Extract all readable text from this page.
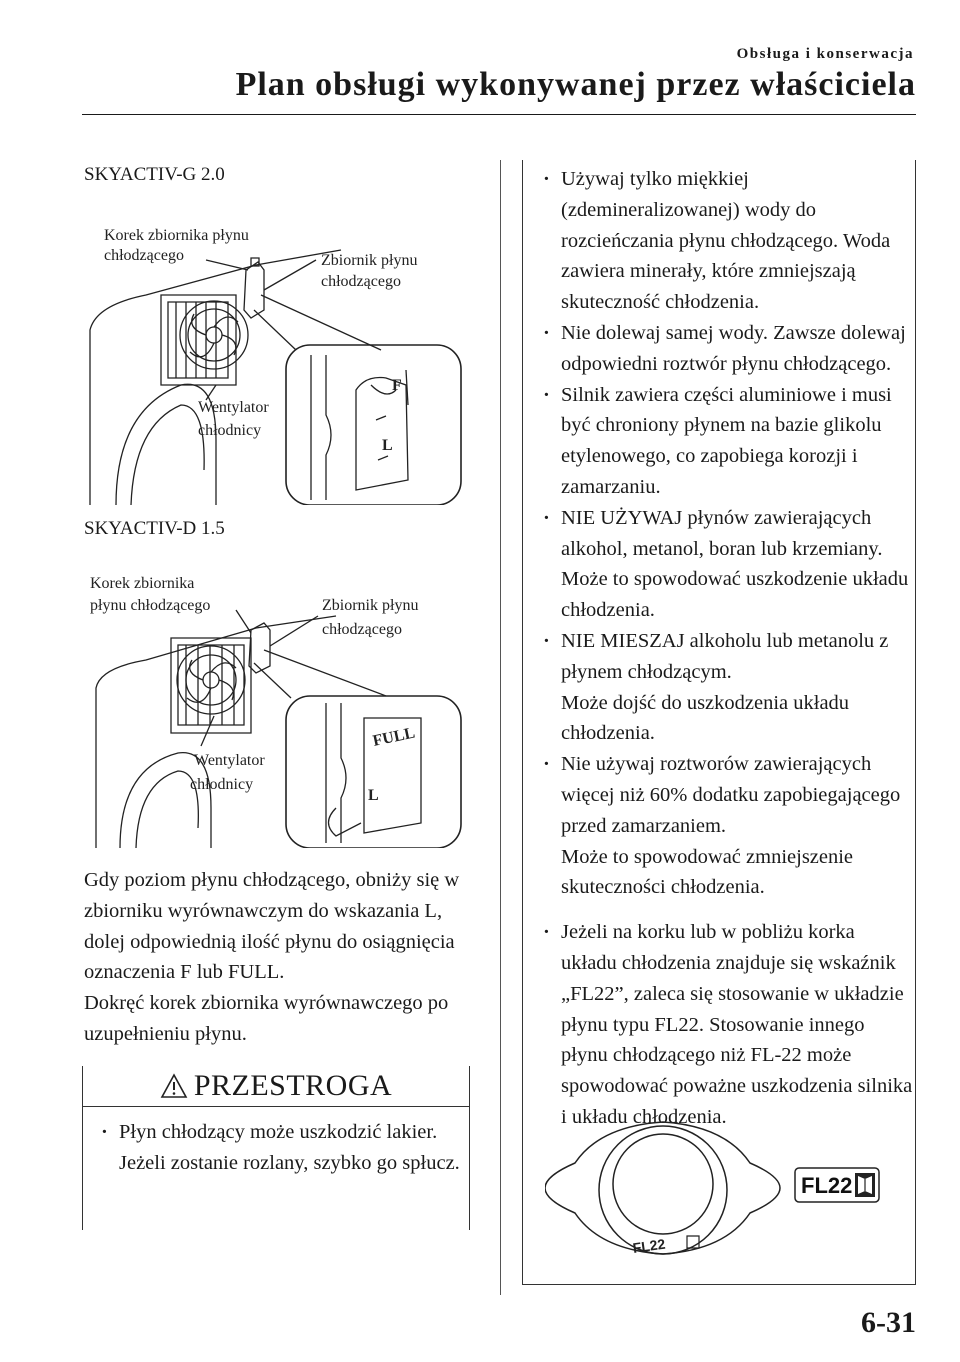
Obsługa i konserwacja
Plan obsługi wykonywanej przez właściciela
SKYACTIV-G 2.0
Korek zbiornika płynu
chłodzącego	Zbiornik płynu
chłodzącego
Wentylator
chłodnicy
F
L
SKYACTIV-D 1.5
Korek zbiornika
płynu chłodzącego	Zbiornik płynu
chłodzącego
Wentylator
chłodnicy
FULL
L

Gdy poziom płynu chłodzącego, obniży się w zbiorniku wyrównawczym do wskazania L, dolej odpowiednią ilość płynu do osiągnięcia oznaczenia F lub FULL.

Dokręć korek zbiornika wyrównawczego po uzupełnieniu płynu.

PRZESTROGA
· Płyn chłodzący może uszkodzić lakier.
Jeżeli zostanie rozlany, szybko go spłucz.
· Używaj tylko miękkiej (zdemineralizowanej) wody do rozcieńczania płynu chłodzącego. Woda zawiera minerały, które zmniejszają skuteczność chłodzenia.
· Nie dolewaj samej wody. Zawsze dolewaj odpowiedni roztwór płynu chłodzącego.
· Silnik zawiera części aluminiowe i musi być chroniony płynem na bazie glikolu etylenowego, co zapobiega korozji i zamarzaniu.
· NIE UŻYWAJ płynów zawierających alkohol, metanol, boran lub krzemiany.
Może to spowodować uszkodzenie układu chłodzenia.
· NIE MIESZAJ alkoholu lub metanolu z płynem chłodzącym.
Może dojść do uszkodzenia układu chłodzenia.
· Nie używaj roztworów zawierających więcej niż 60% dodatku zapobiegającego przed zamarzaniem.
Może to spowodować zmniejszenie skuteczności chłodzenia.
· Jeżeli na korku lub w pobliżu korka układu chłodzenia znajduje się wskaźnik „FL22”, zaleca się stosowanie w układzie płynu typu FL22. Stosowanie innego płynu chłodzącego niż FL-22 może spowodować poważne uszkodzenia silnika i układu chłodzenia.
FL22
FL22
6-31
